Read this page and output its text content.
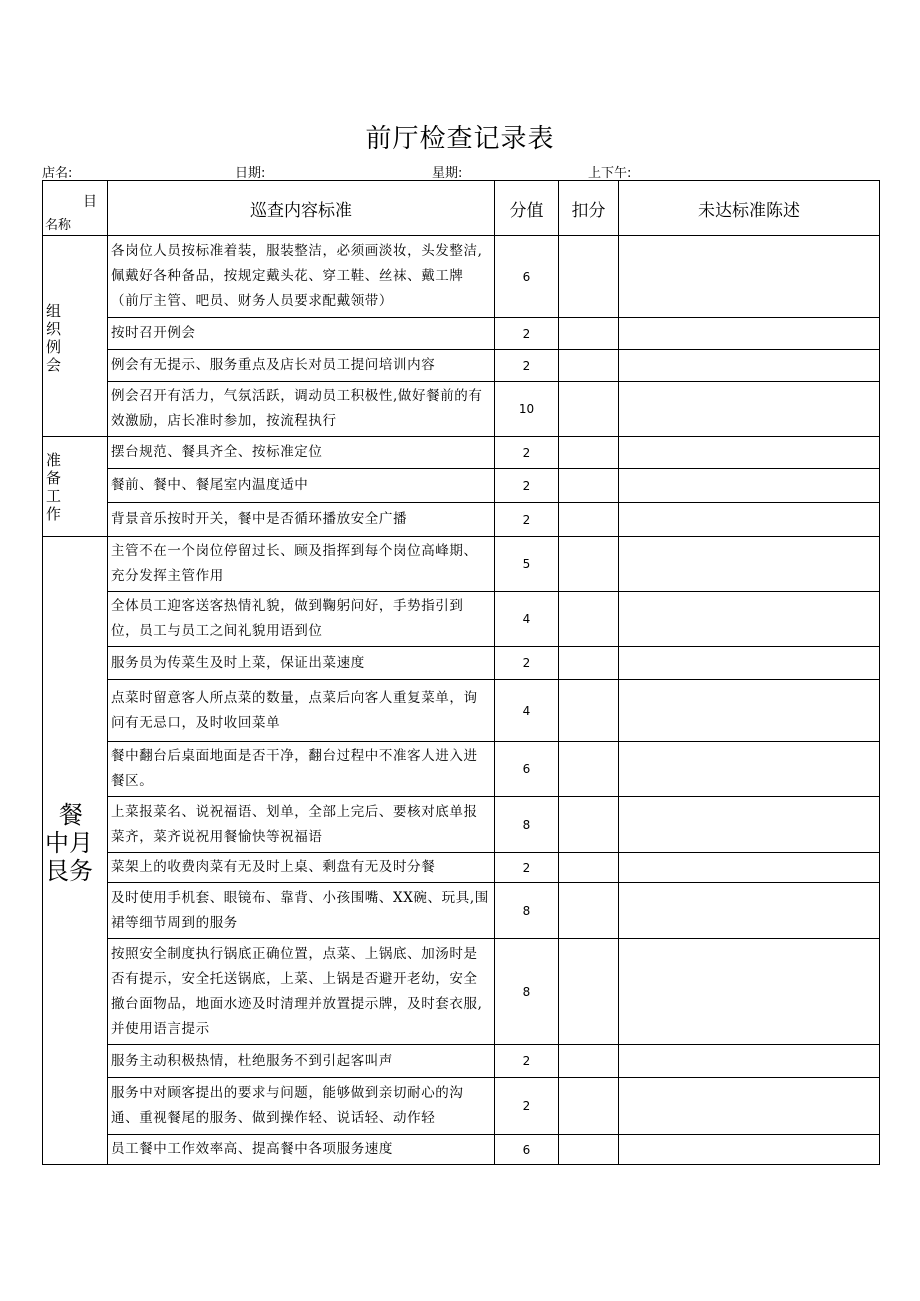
前厅检查记录表
店名:	日期:	星期:	上下午:
目
名称	巡查内容标准	分值	扣分	未达标准陈述

组织例会	各岗位人员按标准着装，服装整洁，必须画淡妆，头发整洁,佩戴好各种备品，按规定戴头花、穿工鞋、丝袜、戴工牌（前厅主管、吧员、财务人员要求配戴领带）	6		
	按时召开例会	2		
	例会有无提示、服务重点及店长对员工提问培训内容	2		
	例会召开有活力，气氛活跃，调动员工积极性,做好餐前的有效激励，店长准时参加，按流程执行	10		

准备工作	摆台规范、餐具齐全、按标准定位	2		
	餐前、餐中、餐尾室内温度适中	2		
	背景音乐按时开关，餐中是否循环播放安全广播	2		

餐
中月
艮务	主管不在一个岗位停留过长、顾及指挥到每个岗位高峰期、充分发挥主管作用	5		
	全体员工迎客送客热情礼貌，做到鞠躬问好，手势指引到位，员工与员工之间礼貌用语到位	4		
	服务员为传菜生及时上菜，保证出菜速度	2		
	点菜时留意客人所点菜的数量，点菜后向客人重复菜单，询问有无忌口，及时收回菜单	4		
	餐中翻台后桌面地面是否干净，翻台过程中不准客人进入进餐区。	6		
	上菜报菜名、说祝福语、划单，全部上完后、要核对底单报菜齐，菜齐说祝用餐愉快等祝福语	8		
	菜架上的收费肉菜有无及时上桌、剩盘有无及时分餐	2		
	及时使用手机套、眼镜布、靠背、小孩围嘴、XX碗、玩具,围裙等细节周到的服务	8		
	按照安全制度执行锅底正确位置，点菜、上锅底、加汤时是否有提示，安全托送锅底，上菜、上锅是否避开老幼，安全撤台面物品，地面水迹及时清理并放置提示牌，及时套衣服,并使用语言提示	8		
	服务主动积极热情，杜绝服务不到引起客叫声	2		
	服务中对顾客提出的要求与问题，能够做到亲切耐心的沟通、重视餐尾的服务、做到操作轻、说话轻、动作轻	2		
	员工餐中工作效率高、提高餐中各项服务速度	6		
